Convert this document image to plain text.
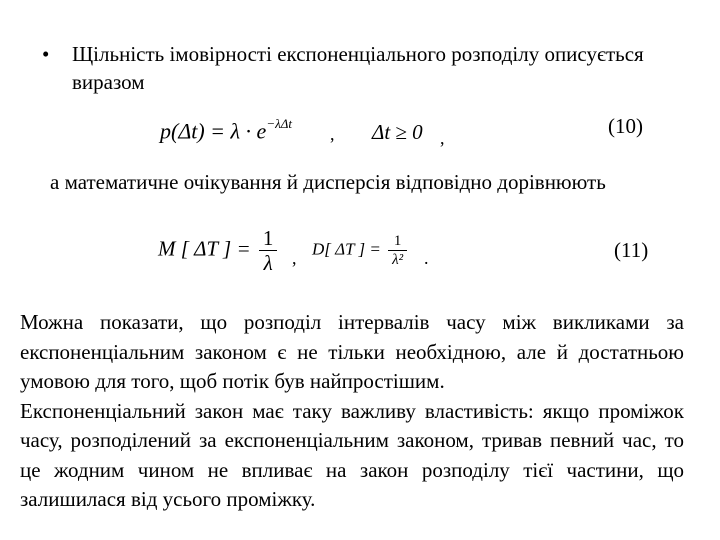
• Щільність імовірності експоненціального розподілу описується виразом
$p(\Delta t) = \lambda \cdot e^{-\lambda\Delta t}$
, Δt ≥ 0 ,	(10)
а математичне очікування й дисперсія відповідно дорівнюють
M [ ΔT ] = $\frac{1}{\lambda}$ , D[ ΔT ] = $\frac{1}{\text{λ²}}$ .	(11)

Можна показати, що розподіл інтервалів часу між викликами за експоненціальним законом є не тільки необхідною, але й достатньою умовою для того, щоб потік був найпростішим.

Експоненціальний закон має таку важливу властивість: якщо проміжок часу, розподілений за експоненціальним законом, тривав певний час, то це жодним чином не впливає на закон розподілу тієї частини, що залишилася від усього проміжку.
